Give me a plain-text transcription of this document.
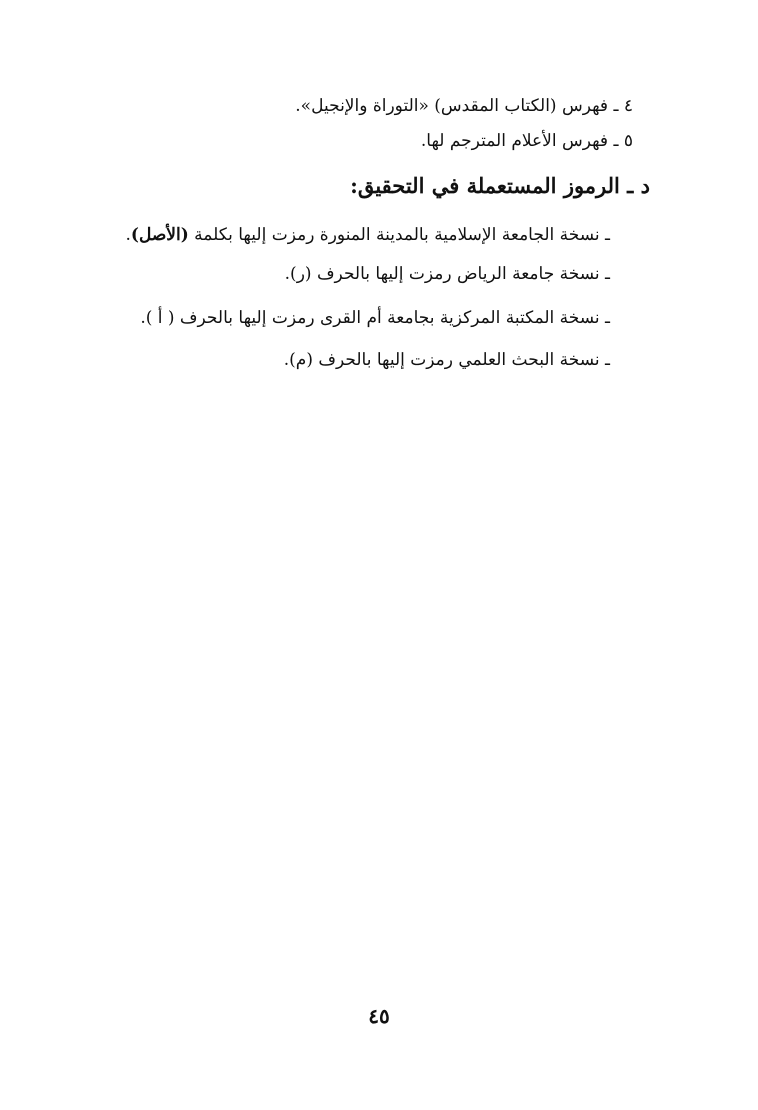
٤ ـ فهرس (الكتاب المقدس) «التوراة والإنجيل».
٥ ـ فهرس الأعلام المترجم لها.
د ـ الرموز المستعملة في التحقيق:
ـ نسخة الجامعة الإسلامية بالمدينة المنورة رمزت إليها بكلمة (الأصل).
ـ نسخة جامعة الرياض رمزت إليها بالحرف (ر).
ـ نسخة المكتبة المركزية بجامعة أم القرى رمزت إليها بالحرف ( أ ).
ـ نسخة البحث العلمي رمزت إليها بالحرف (م).
٤٥
